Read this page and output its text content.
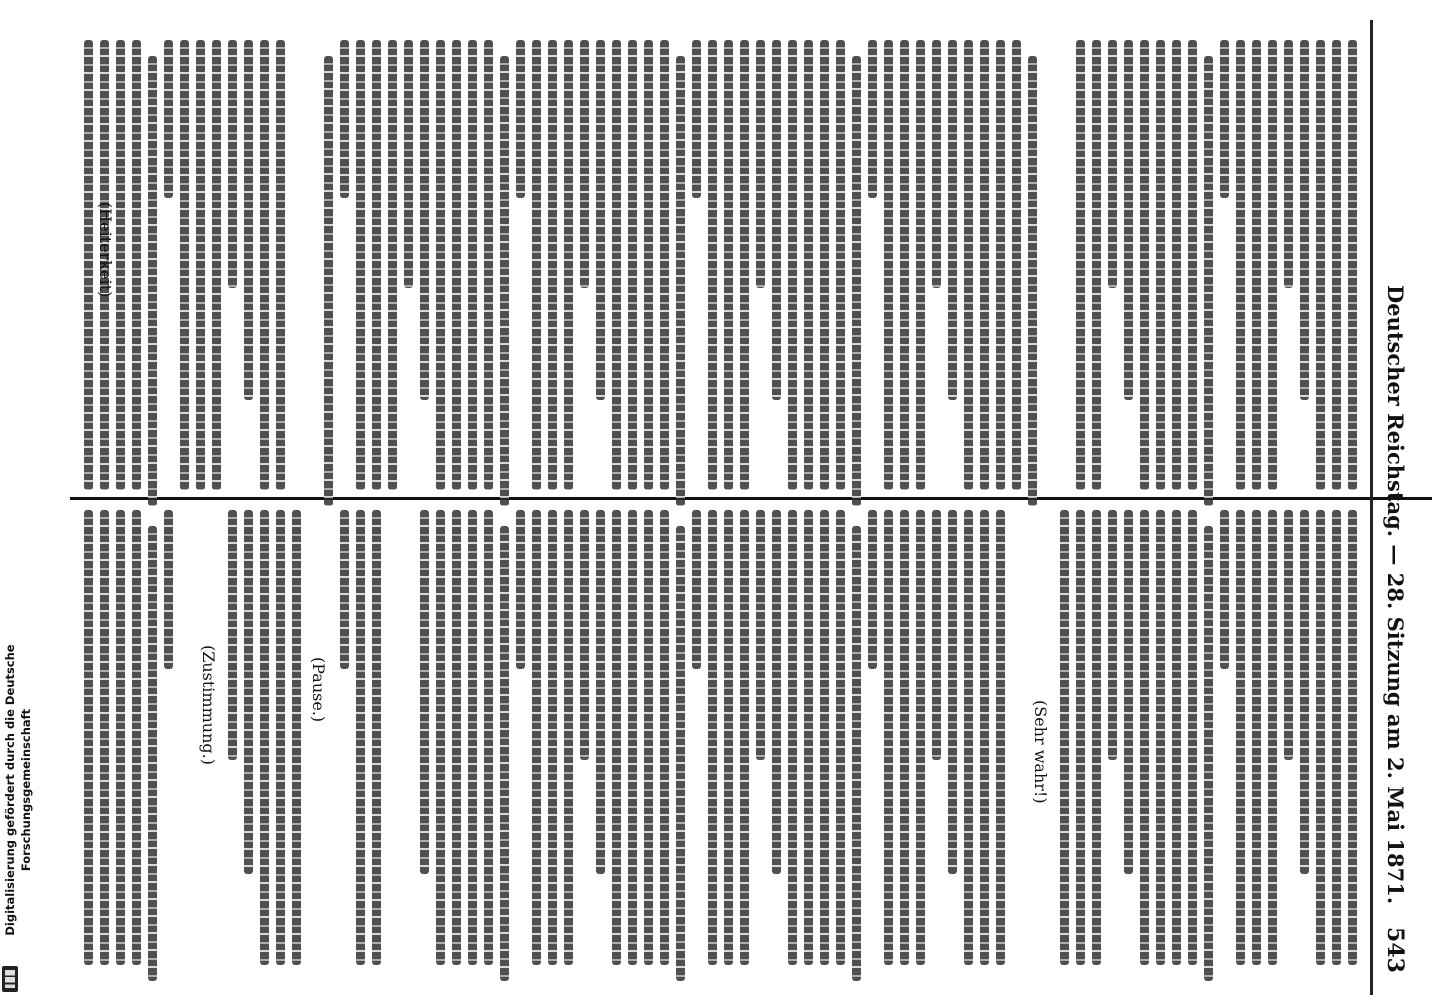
Deutscher Reichstag. — 28. Sitzung am 2. Mai 1871.
543
(Sehr wahr!)
(Heiterkeit)
(Pause.)
(Zustimmung.)
Digitalisierung gefördert durch die Deutsche Forschungsgemeinschaft
